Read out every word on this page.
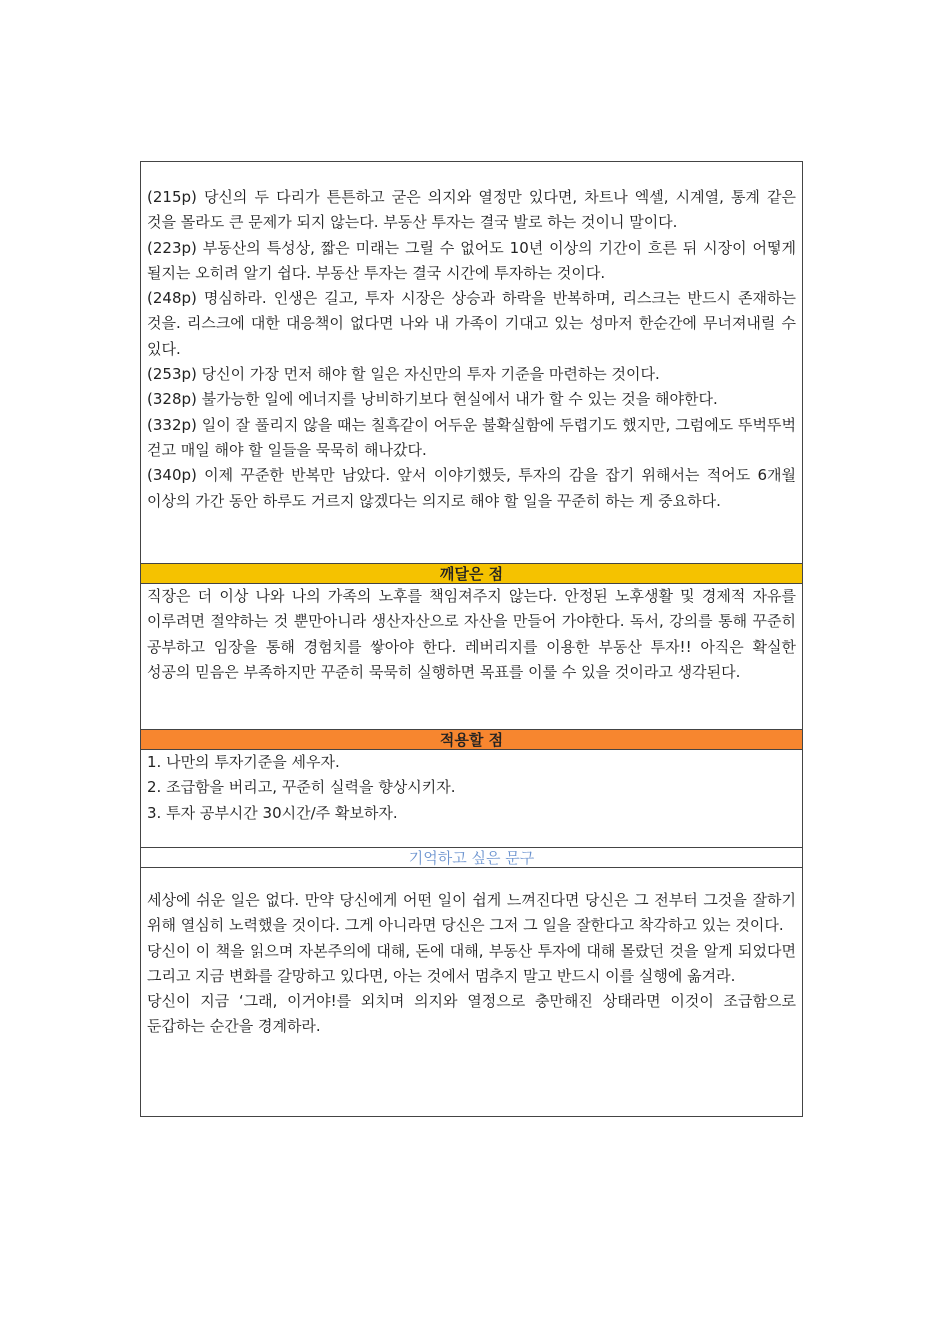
(215p) 당신의 두 다리가 튼튼하고 굳은 의지와 열정만 있다면, 차트나 엑셀, 시계열, 통계 같은 것을 몰라도 큰 문제가 되지 않는다. 부동산 투자는 결국 발로 하는 것이니 말이다.

(223p) 부동산의 특성상, 짧은 미래는 그릴 수 없어도 10년 이상의 기간이 흐른 뒤 시장이 어떻게 될지는 오히려 알기 쉽다. 부동산 투자는 결국 시간에 투자하는 것이다.

(248p) 명심하라. 인생은 길고, 투자 시장은 상승과 하락을 반복하며, 리스크는 반드시 존재하는 것을. 리스크에 대한 대응책이 없다면 나와 내 가족이 기대고 있는 성마저 한순간에 무너져내릴 수 있다.

(253p) 당신이 가장 먼저 해야 할 일은 자신만의 투자 기준을 마련하는 것이다.

(328p) 불가능한 일에 에너지를 낭비하기보다 현실에서 내가 할 수 있는 것을 해야한다.

(332p) 일이 잘 풀리지 않을 때는 칠흑같이 어두운 불확실함에 두렵기도 했지만, 그럼에도 뚜벅뚜벅 걷고 매일 해야 할 일들을 묵묵히 해나갔다.

(340p) 이제 꾸준한 반복만 남았다. 앞서 이야기했듯, 투자의 감을 잡기 위해서는 적어도 6개월 이상의 가간 동안 하루도 거르지 않겠다는 의지로 해야 할 일을 꾸준히 하는 게 중요하다.

깨달은 점

직장은 더 이상 나와 나의 가족의 노후를 책임져주지 않는다. 안정된 노후생활 및 경제적 자유를 이루려면 절약하는 것 뿐만아니라 생산자산으로 자산을 만들어 가야한다. 독서, 강의를 통해 꾸준히 공부하고 임장을 통해 경험치를 쌓아야 한다. 레버리지를 이용한 부동산 투자!! 아직은 확실한 성공의 믿음은 부족하지만 꾸준히 묵묵히 실행하면 목표를 이룰 수 있을 것이라고 생각된다.

적용할 점

1. 나만의 투자기준을 세우자.

2. 조급함을 버리고, 꾸준히 실력을 향상시키자.

3. 투자 공부시간 30시간/주 확보하자.

기억하고 싶은 문구

세상에 쉬운 일은 없다. 만약 당신에게 어떤 일이 쉽게 느껴진다면 당신은 그 전부터 그것을 잘하기 위해 열심히 노력했을 것이다. 그게 아니라면 당신은 그저 그 일을 잘한다고 착각하고 있는 것이다.

당신이 이 책을 읽으며 자본주의에 대해, 돈에 대해, 부동산 투자에 대해 몰랐던 것을 알게 되었다면 그리고 지금 변화를 갈망하고 있다면, 아는 것에서 멈추지 말고 반드시 이를 실행에 옮겨라.

당신이 지금 ‘그래, 이거야!를 외치며 의지와 열정으로 충만해진 상태라면 이것이 조급함으로 둔갑하는 순간을 경계하라.
